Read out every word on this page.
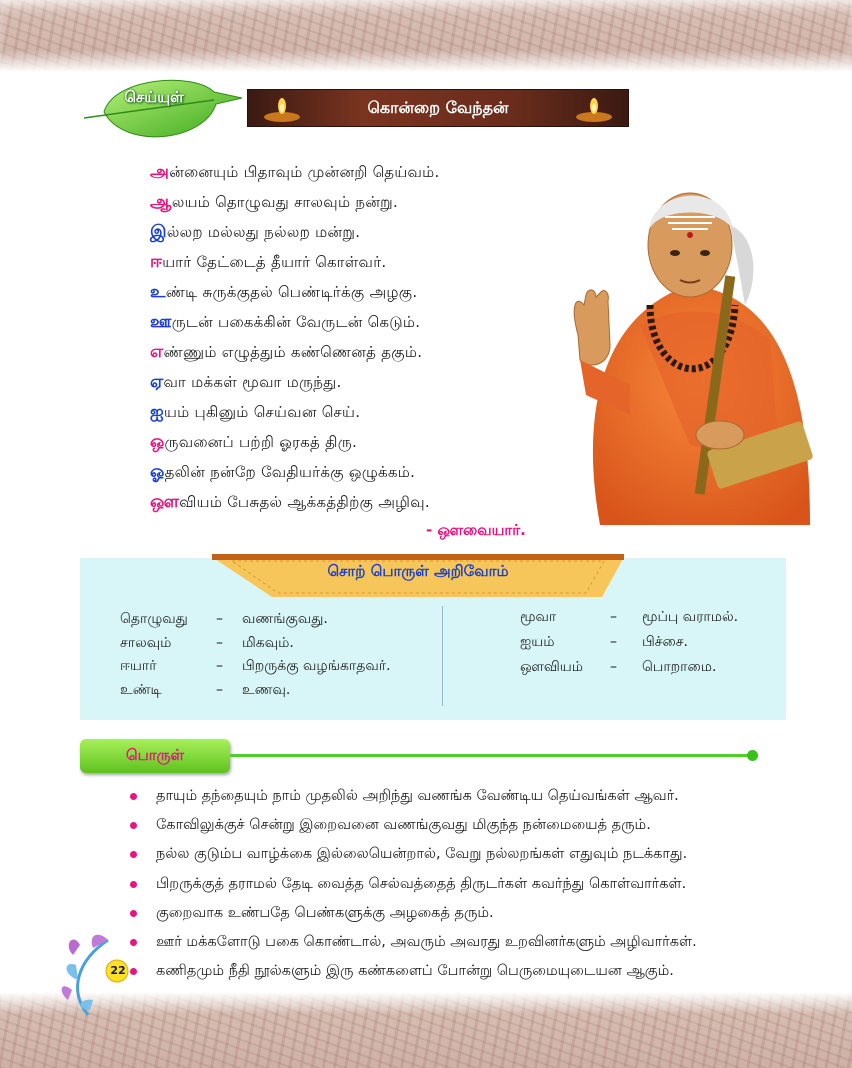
செய்யுள்
கொன்றை வேந்தன்
அன்னையும் பிதாவும் முன்னறி தெய்வம்.
ஆலயம் தொழுவது சாலவும் நன்று.
இல்லற மல்லது நல்லற மன்று.
ஈயார் தேட்டைத் தீயார் கொள்வர்.
உண்டி சுருக்குதல் பெண்டிர்க்கு அழகு.
ஊருடன் பகைக்கின் வேருடன் கெடும்.
எண்ணும் எழுத்தும் கண்ணெனத் தகும்.
ஏவா மக்கள் மூவா மருந்து.
ஐயம் புகினும் செய்வன செய்.
ஒருவனைப் பற்றி ஓரகத் திரு.
ஓதலின் நன்றே வேதியர்க்கு ஒழுக்கம்.
ஔவியம் பேசுதல் ஆக்கத்திற்கு அழிவு.
- ஔவையார்.
சொற் பொருள் அறிவோம்
தொழுவது – வணங்குவது.
சாலவும்	– மிகவும்.
ஈயார்	– பிறருக்கு வழங்காதவர்.
உண்டி	– உணவு.
மூவா	– மூப்பு வராமல்.
ஐயம்	– பிச்சை.
ஔவியம் – பொறாமை.
பொருள்
தாயும் தந்தையும் நாம் முதலில் அறிந்து வணங்க வேண்டிய தெய்வங்கள் ஆவர்.
கோவிலுக்குச் சென்று இறைவனை வணங்குவது மிகுந்த நன்மையைத் தரும்.
நல்ல குடும்ப வாழ்க்கை இல்லையென்றால், வேறு நல்லறங்கள் எதுவும் நடக்காது.
பிறருக்குத் தராமல் தேடி வைத்த செல்வத்தைத் திருடர்கள் கவர்ந்து கொள்வார்கள்.
குறைவாக உண்பதே பெண்களுக்கு அழகைத் தரும்.
ஊர் மக்களோடு பகை கொண்டால், அவரும் அவரது உறவினர்களும் அழிவார்கள்.
கணிதமும் நீதி நூல்களும் இரு கண்களைப் போன்று பெருமையுடையன ஆகும்.
22
